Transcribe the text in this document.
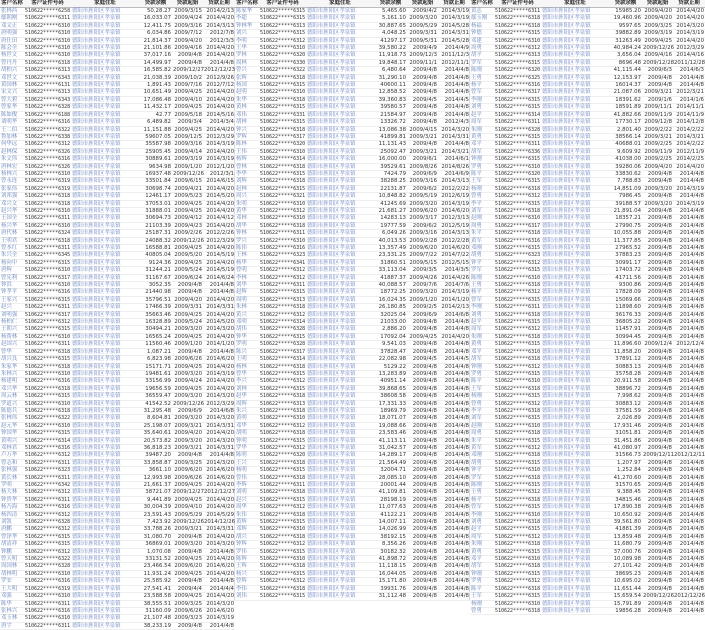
客户名称	客户证件号码	家庭住址	贷款余额	贷款起始	贷款止期
张林西	510622*****6258	德阳市旌阳区孝泉镇	50,28.27	2009/3/15	2014/2/13
鄢朝刚	510622*****6311	德阳市旌阳区孝泉镇	16,033.07	2009/4/24	2014/4/20
邓文正	510622*****6310	德阳市旌阳区孝泉镇	12,411.75	2009/3/16	2014/3/13
唐明强	510622*****6310	德阳市旌阳区孝泉镇	6,034.86	2009/7/12	2012/7/8
唐仕田	510622*****6310	德阳市旌阳区孝泉镇	21,814.37	2009/4/20	2012/3/3
陈会全	510622*****6310	德阳市旌阳区孝泉镇	21,101.86	2009/4/16	2014/4/20
杨世文	510622*****6310	德阳市旌阳区孝泉镇	37,017.16	2009/4/8	2014/4/20
曾丹丹	510622*****6318	德阳市旌阳区孝泉镇	14,499.97	2009/4/8	2014/4/8
胡柏兴	510622*****6313	德阳市旌阳区孝泉镇	16,585.82	2009/12/27	2012/12/23
邓世文	510622*****6343	德阳市旌阳区孝泉镇	21,038.39	2009/10/2	2012/9/26
黄国林	510622*****6131	德阳市旌阳区孝泉镇	1,891.43	2009/7/16	2012/7/12
宋文兴	510622*****6313	德阳市旌阳区孝泉镇	10,651.49	2009/4/25	2014/4/20
曾大碧	510622*****6343	德阳市旌阳区孝泉镇	17,086.48	2009/4/10	2014/4/20
曾家华	510622*****6328	德阳市旌阳区孝泉镇	11,432.17	2009/4/25	2014/4/20
陈如俊	510622*****6188	德阳市旌阳区孝泉镇	42.77	2009/5/18	2014/5/16
刘明华	510622*****6316	德阳市旌阳区孝泉镇	6,489.82	2009/3/4	2014/3/4
王二伯	510622*****6322	德阳市旌阳区孝泉镇	11,151.88	2009/4/25	2014/4/20
鲁加林	510622*****6338	德阳市旌阳区孝泉镇	59607.05	2009/12/5	2012/3/29
何华远	510622*****6312	德阳市旌阳区孝泉镇	35587.98	2009/3/16	2014/3/19
赵林保	510622*****6326	德阳市旌阳区孝泉镇	25905.45	2009/4/14	2014/4/20
朱文伟	510622*****6316	德阳市旌阳区孝泉镇	30889.61	2009/3/19	2014/3/19
唐林宏	510622*****6326	德阳市旌阳区孝泉镇	9634.98	2009/1/20	2012/1/20
杨林兴	510622*****6310	德阳市旌阳区孝泉镇	16937.48	2009/12/26	2012/3/1
曾永连	510622*****6319	德阳市旌阳区孝泉镇	33501.84	2009/6/15	2014/6/15
张家伟	510622*****6319	德阳市旌阳区孝泉镇	30698.74	2009/4/21	2014/4/20
刘邦强	510622*****6318	德阳市旌阳区孝泉镇	12461.17	2009/5/23	2014/5/20
邓兴文	510622*****6318	德阳市旌阳区孝泉镇	37053.01	2009/4/25	2014/4/20
赵兴华	510622*****6310	德阳市旌阳区孝泉镇	31888.01	2009/4/25	2014/4/20
王国全	510622*****6311	德阳市旌阳区孝泉镇	30694.73	2009/4/12	2014/4/12
杨兴华	510622*****6310	德阳市旌阳区孝泉镇	21103.39	2009/4/23	2014/4/20
唐代林	510622*****6324	德阳市旌阳区孝泉镇	25187.31	2009/2/26	2012/2/26
王明君	510622*****6318	德阳市旌阳区孝泉镇	24088.32	2009/12/26	2012/3/29
曾本红	510622*****6311	德阳市旌阳区孝泉镇	16588.81	2009/4/25	2014/4/20
朱兴全	510622*****6345	德阳市旌阳区孝泉镇	40805.04	2009/5/20	2014/5/19
杨向中	510622*****6315	德阳市旌阳区孝泉镇	9124.36	2009/4/25	2014/4/20
唐辉	510622*****6310	德阳市旌阳区孝泉镇	31244.21	2009/5/24	2014/5/19
曾宪利	510622*****6317	德阳市旌阳区孝泉镇	31167.67	2009/6/24	2014/6/24
钟洪	510622*****6310	德阳市旌阳区孝泉镇	3052.35	2009/4/8	2014/4/8
钟孝平	510622*****6316	德阳市旌阳区孝泉镇	21440.98	2009/4/8	2014/4/8
王家兴	510622*****6315	德阳市旌阳区孝泉镇	35796.51	2009/4/20	2014/4/20
赵兴	510622*****6311	德阳市旌阳区孝泉镇	17466.39	2009/3/31	2014/3/31
刘明强	510622*****6317	德阳市旌阳区孝泉镇	35663.46	2009/4/25	2014/4/20
杨柏仁	510622*****6312	德阳市旌阳区孝泉镇	16328.89	2009/5/24	2014/5/20
王朝兴	510622*****6315	德阳市旌阳区孝泉镇	30494.21	2009/3/20	2014/3/20
杨帮林	510622*****6310	德阳市旌阳区孝泉镇	16565.24	2009/4/25	2014/4/20
赵国兴	510622*****6311	德阳市旌阳区孝泉镇	11560.46	2009/1/20	2014/1/20
曾华	510622*****6318	德阳市旌阳区孝泉镇	1,087.21	2009/4/8	2014/4/8
胡兴良	510622*****6315	德阳市旌阳区孝泉镇	6,823.98	2009/6/26	2014/6/20
朱家华	510622*****6318	德阳市旌阳区孝泉镇	15171.71	2009/4/25	2014/4/20
朱林兴	510622*****6310	德阳市旌阳区孝泉镇	19481.61	2009/3/20	2014/3/19
杨建明	510622*****6316	德阳市旌阳区孝泉镇	33156.99	2009/4/24	2014/4/20
邓兴华	510622*****6318	德阳市旌阳区孝泉镇	19656.59	2009/4/25	2014/4/20
周云林	510622*****6315	德阳市旌阳区孝泉镇	36559.47	2009/3/20	2014/3/20
罗道兴	510622*****6310	德阳市旌阳区孝泉镇	41542.52	2009/12/26	2012/3/29
陈德兵	510622*****6318	德阳市旌阳区孝泉镇	31,295.48	2009/6/9	2014/6/8
张林伟	510622*****6322	德阳市旌阳区孝泉镇	8,604.81	2009/3/20	2014/3/20
赵元华	510622*****6310	德阳市旌阳区孝泉镇	25,198.07	2009/3/21	2014/3/31
钟国华	510622*****6315	德阳市旌阳区孝泉镇	35,640.61	2009/4/20	2014/4/20
黄明兴	510622*****6314	德阳市旌阳区孝泉镇	20,573.82	2009/3/20	2014/3/20
邓林君	510622*****6316	德阳市旌阳区孝泉镇	36,818.23	2009/3/21	2014/3/31
卢万华	510622*****6312	德阳市旌阳区孝泉镇	39487.20	2009/4/8	2014/4/8
曾志和	510622*****6311	德阳市旌阳区孝泉镇	33,858.87	2009/3/25	2014/3/20
张林强	510622*****6323	德阳市旌阳区孝泉镇	3661.10	2009/6/20	2014/6/20
黄长林	510622*****6311	德阳市旌阳区孝泉镇	12,993.98	2009/6/26	2014/6/20
罗明	510622*****6342	德阳市旌阳区孝泉镇	21,661.37	2009/4/25	2014/4/20
杨大林	510622*****6312	德阳市旌阳区孝泉镇	38721.07	2009/12/27	2012/12/27
钟贵华	510622*****6311	德阳市旌阳区孝泉镇	9,441.89	2009/4/25	2014/4/20
杨乃海	510622*****6316	德阳市旌阳区孝泉镇	30,004.39	2009/4/10	2014/4/20
杨四清	510622*****6312	德阳市旌阳区孝泉镇	23,591.43	2009/5/29	2014/5/29
刘凯	510622*****6328	德阳市旌阳区孝泉镇	7,423.92	2009/12/26	2014/12/26
唐鹏	510622*****6312	德阳市旌阳区孝泉镇	33,788.26	2009/3/21	2014/3/31
曾泽华	510622*****6315	德阳市旌阳区孝泉镇	31,080.70	2009/4/8	2014/4/20
胡清祥	510622*****6315	德阳市旌阳区孝泉镇	36869.01	2009/3/20	2014/3/20
钟鹏	510622*****6312	德阳市旌阳区孝泉镇	1,070.08	2009/4/8	2014/4/8
曾天明	510622*****6322	德阳市旌阳区孝泉镇	33131.52	2009/4/25	2014/4/20
周国林	510622*****6328	德阳市旌阳区孝泉镇	23,466.54	2009/6/20	2014/6/20
胡林明	510622*****6310	德阳市旌阳区孝泉镇	11,931.24	2009/4/25	2014/4/20
罗安	510622*****6316	德阳市旌阳区孝泉镇	25,585.92	2009/4/8	2014/4/8
王大明	510622*****6319	德阳市旌阳区孝泉镇	27,541.41	2009/4/4	2014/4/4
邓强	510622*****6310	德阳市旌阳区孝泉镇	23,588.58	2009/4/25	2014/4/20
陈华	510622*****6311	德阳市旌阳区孝泉镇	38,555.51	2009/3/25	2014/3/20
张林兴	510622*****6316	德阳市旌阳区孝泉镇	31160.09	2009/6/26	2014/6/20
邓玉林	510622*****6310	德阳市旌阳区孝泉镇	21,107.48	2009/3/23	2014/3/19
唐宇	510622*****6311	德阳市旌阳区孝泉镇	38,233.19	2009/4/8	2014/4/8
客户名称	客户证件号码	家庭住址	贷款余额	贷款起始	贷款止期
陈家华	510622*****6315	德阳市旌阳区孝泉镇	5,465.60	2009/4/2	2014/3/19
李超	510622*****6315	德阳市旌阳区孝泉镇	5,161.10	2009/3/20	2014/3/19
钟林华	510622*****6313	德阳市旌阳区孝泉镇	30,887.65	2009/5/29	2014/5/28
刘兴	510622*****6315	德阳市旌阳区孝泉镇	4,048.25	2009/3/31	2014/3/31
李明	510622*****6312	德阳市旌阳区孝泉镇	41297.17	2009/5/31	2014/5/28
王华	510622*****6310	德阳市旌阳区孝泉镇	39,580.22	2009/4/9	2014/4/9
罗林	510622*****6320	德阳市旌阳区孝泉镇	11,918.73	2009/12/3	2011/12/3
周林	510622*****6330	德阳市旌阳区孝泉镇	19,848.17	2009/11/1	2012/11/1
曾兴	510622*****6322	德阳市旌阳区孝泉镇	6,480.64	2009/4/8	2014/4/8
张辉	510622*****6318	德阳市旌阳区孝泉镇	31,290.10	2009/4/8	2014/4/8
杨国	510622*****6315	德阳市旌阳区孝泉镇	40600.11	2009/4/8	2014/4/8
赵明	510622*****6310	德阳市旌阳区孝泉镇	12,858.52	2009/4/8	2014/4/8
朱华	510622*****6318	德阳市旌阳区孝泉镇	39,360.83	2009/4/5	2014/4/5
黄林	510622*****6315	德阳市旌阳区孝泉镇	39580.57	2009/4/8	2014/4/8
邓伟	510622*****6331	德阳市旌阳区孝泉镇	21584.97	2009/4/8	2014/4/8
胡林	510622*****6315	德阳市旌阳区孝泉镇	13326.72	2009/4/8	2012/4/3
钟兴	510622*****6318	德阳市旌阳区孝泉镇	13,086.38	2009/4/15	2014/3/20
罗辉	510622*****6317	德阳市旌阳区孝泉镇	41899.81	2009/3/21	2014/3/31
陈林	510622*****6320	德阳市旌阳区孝泉镇	11,131.43	2009/4/8	2014/4/8
王伟	510622*****6310	德阳市旌阳区孝泉镇	25092.47	2009/3/21	2014/3/21
杨辉	510622*****6314	德阳市旌阳区孝泉镇	16,000.00	2009/6/1	2014/6/1
曾林	510622*****6318	德阳市旌阳区孝泉镇	39529.61	2009/8/26	2014/8/26
李华	510622*****6315	德阳市旌阳区孝泉镇	7424.79	2009/6/9	2014/6/9
刘辉	510622*****6318	德阳市旌阳区孝泉镇	38288.25	2009/3/16	2014/3/13
赵林	510622*****6315	德阳市旌阳区孝泉镇	22131.87	2009/6/2	2012/2/22
周兴	510622*****6321	德阳市旌阳区孝泉镇	10,848.82	2009/5/19	2012/6/19
朱明	510622*****6310	德阳市旌阳区孝泉镇	41245.69	2009/3/20	2014/3/19
黄华	510622*****6312	德阳市旌阳区孝泉镇	21,681.27	2009/6/20	2014/6/20
邓林	510622*****6310	德阳市旌阳区孝泉镇	14283.13	2009/3/17	2012/3/13
胡华	510622*****6318	德阳市旌阳区孝泉镇	19777.59	2009/6/2	2012/5/19
钟林	510622*****6311	德阳市旌阳区孝泉镇	6,049.26	2009/3/16	2014/3/13
罗兴	510622*****6310	德阳市旌阳区孝泉镇	40,013.53	2009/2/28	2012/2/28
陈伟	510622*****6316	德阳市旌阳区孝泉镇	13,357.49	2009/6/20	2014/6/20
王林	510622*****6323	德阳市旌阳区孝泉镇	23,331.25	2009/7/22	2014/7/22
杨华	510622*****6341	德阳市旌阳区孝泉镇	31860.51	2009/5/15	2012/5/15
曾明	510622*****6312	德阳市旌阳区孝泉镇	33,113.04	2009/3/5	2014/3/5
李林	510622*****6312	德阳市旌阳区孝泉镇	41887.37	2009/4/26	2014/4/26
刘华	510622*****6311	德阳市旌阳区孝泉镇	40,088.57	2009/7/6	2014/7/6
赵辉	510622*****6315	德阳市旌阳区孝泉镇	18772.25	2009/3/20	2014/3/19
周明	510622*****6313	德阳市旌阳区孝泉镇	16,024.35	2009/1/20	2014/1/20
朱林	510622*****6318	德阳市旌阳区孝泉镇	26,180.85	2009/2/5	2014/2/13
黄兴	510622*****6312	德阳市旌阳区孝泉镇	32025.04	2009/6/9	2014/6/8
邓明	510622*****6314	德阳市旌阳区孝泉镇	21033.00	2009/4/8	2014/4/8
胡伟	510622*****6328	德阳市旌阳区孝泉镇	2,886.20	2009/4/8	2014/4/8
钟华	510622*****6315	德阳市旌阳区孝泉镇	17092.04	2009/4/25	2014/4/20
罗明	510622*****6328	德阳市旌阳区孝泉镇	9,541.03	2009/4/8	2014/4/8
陈兴	510622*****6317	德阳市旌阳区孝泉镇	37828.47	2009/4/8	2014/4/8
王明	510622*****6314	德阳市旌阳区孝泉镇	22,082.98	2009/4/5	2014/4/5
杨林	510622*****6318	德阳市旌阳区孝泉镇	5129.22	2009/4/8	2014/4/8
曾华	510622*****6315	德阳市旌阳区孝泉镇	13,283.89	2009/4/8	2014/4/8
李兴	510622*****6312	德阳市旌阳区孝泉镇	40951.14	2009/4/8	2014/4/8
刘林	510622*****6315	德阳市旌阳区孝泉镇	39,868.65	2009/4/8	2014/4/8
赵华	510622*****6318	德阳市旌阳区孝泉镇	38608.58	2009/4/8	2014/4/8
周辉	510622*****6313	德阳市旌阳区孝泉镇	17,331.33	2009/4/8	2014/4/8
朱兴	510622*****6318	德阳市旌阳区孝泉镇	18969.79	2009/4/8	2014/4/8
黄明	510622*****6310	德阳市旌阳区孝泉镇	18,071.07	2009/4/8	2014/4/8
邓华	510622*****6312	德阳市旌阳区孝泉镇	19,088.66	2009/4/8	2014/4/8
胡明	510622*****6318	德阳市旌阳区孝泉镇	23,583.46	2009/4/8	2014/4/8
钟明	510622*****6315	德阳市旌阳区孝泉镇	41,113.11	2009/4/8	2014/4/8
罗华	510622*****6312	德阳市旌阳区孝泉镇	31,042.57	2009/4/8	2014/4/8
陈明	510622*****6320	德阳市旌阳区孝泉镇	14,289.17	2009/4/8	2014/4/8
王兴	510622*****6318	德阳市旌阳区孝泉镇	21,564.49	2009/4/8	2014/4/8
杨明	510622*****6315	德阳市旌阳区孝泉镇	32004.71	2009/4/8	2014/4/8
曾伟	510622*****6318	德阳市旌阳区孝泉镇	28,085.10	2009/4/8	2014/4/8
李辉	510622*****6311	德阳市旌阳区孝泉镇	20001.44	2009/4/8	2014/4/8
刘明	510622*****6318	德阳市旌阳区孝泉镇	41,109.81	2009/4/8	2014/4/8
赵兴	510622*****6315	德阳市旌阳区孝泉镇	28198.19	2009/4/8	2014/4/8
周华	510622*****6312	德阳市旌阳区孝泉镇	11,077.63	2009/4/8	2014/4/8
朱伟	510622*****6318	德阳市旌阳区孝泉镇	41122.21	2009/4/8	2014/4/8
黄辉	510622*****6315	德阳市旌阳区孝泉镇	14,007.11	2009/4/8	2014/4/8
邓辉	510622*****6310	德阳市旌阳区孝泉镇	14,026.99	2009/4/8	2014/4/8
胡兴	510622*****6318	德阳市旌阳区孝泉镇	38192.15	2009/4/8	2014/4/8
钟辉	510622*****6312	德阳市旌阳区孝泉镇	8,356.26	2009/4/8	2014/4/8
罗伟	510622*****6315	德阳市旌阳区孝泉镇	30182.32	2009/4/8	2014/4/8
陈辉	510622*****6310	德阳市旌阳区孝泉镇	41,898.72	2009/4/8	2014/4/8
王辉	510622*****6318	德阳市旌阳区孝泉镇	11,118.15	2009/4/8	2014/4/8
杨兴	510622*****6315	德阳市旌阳区孝泉镇	16,044.05	2009/4/8	2014/4/8
曾辉	510622*****6312	德阳市旌阳区孝泉镇	15,171.80	2009/4/8	2014/4/8
李伟	510622*****6318	德阳市旌阳区孝泉镇	39931.76	2009/4/8	2014/4/8
刘伟	510622*****6315	德阳市旌阳区孝泉镇	31,112.48	2009/4/8	2014/4/8
客户名称	客户证件号码	家庭住址	贷款余额	贷款起始	贷款止期
黄志	510622*****6311	德阳市旌阳区孝泉镇	15985.20	2009/4/20	2014/4/20
鄢玉刚	510622*****6318	德阳市旌阳区孝泉镇	19,460.96	2009/4/20	2014/4/20
杨福	510622*****6318	德阳市旌阳区孝泉镇	9597.65	2009/3/25	2014/3/20
钟德	510622*****6315	德阳市旌阳区孝泉镇	39882.89	2009/3/19	2014/3/19
邓建	510622*****6310	德阳市旌阳区孝泉镇	31263.49	2009/4/25	2014/4/20
周勇	510622*****6312	德阳市旌阳区孝泉镇	40,984.24	2009/12/26	2012/3/29
胡平	510622*****6313	德阳市旌阳区孝泉镇	3,656.04	2009/4/16	2014/4/16
罗军	510622*****6315	德阳市旌阳区孝泉镇	8696.48	2009/12/28	2011/12/28
陈刚	510622*****6320	德阳市旌阳区孝泉镇	41,115.44	2009/6/3	2014/6/3
王勇	510622*****6325	德阳市旌阳区孝泉镇	12,153.97	2009/4/8	2014/4/8
杨平	510622*****6316	德阳市旌阳区孝泉镇	16014.37	2009/4/8	2014/4/8
曾军	510622*****6317	德阳市旌阳区孝泉镇	21,087.06	2009/3/21	2012/3/21
李刚	510622*****6315	德阳市旌阳区孝泉镇	18391.62	2009/1/6	2014/1/6
刘勇	510622*****6315	德阳市旌阳区孝泉镇	18591.89	2009/11/1	2014/11/1
赵平	510622*****6314	德阳市旌阳区孝泉镇	41,882.66	2009/11/9	2014/11/9
周军	510622*****6311	德阳市旌阳区孝泉镇	17730.17	2009/12/8	2014/12/8
朱刚	510622*****6328	德阳市旌阳区孝泉镇	2,801.40	2009/2/22	2014/2/22
黄勇	510622*****6315	德阳市旌阳区孝泉镇	38566.14	2009/3/21	2014/3/21
邓平	510622*****6311	德阳市旌阳区孝泉镇	40688.01	2009/2/25	2014/2/22
胡军	510622*****6336	德阳市旌阳区孝泉镇	9,609.92	2009/11/9	2012/11/9
钟刚	510622*****6315	德阳市旌阳区孝泉镇	41038.00	2009/2/25	2014/2/25
罗勇	510622*****6310	德阳市旌阳区孝泉镇	39280.06	2009/4/20	2014/4/20
陈平	510622*****6320	德阳市旌阳区孝泉镇	33830.62	2009/4/8	2014/4/8
王军	510622*****6315	德阳市旌阳区孝泉镇	7,788.83	2009/4/8	2014/4/8
杨刚	510622*****6318	德阳市旌阳区孝泉镇	14,851.09	2009/3/20	2014/3/19
曾勇	510622*****6312	德阳市旌阳区孝泉镇	7986.45	2009/4/8	2014/4/8
李平	510622*****6315	德阳市旌阳区孝泉镇	39188.57	2009/3/20	2014/3/19
刘军	510622*****6318	德阳市旌阳区孝泉镇	21,891.04	2009/4/8	2014/4/8
赵刚	510622*****6310	德阳市旌阳区孝泉镇	18357.21	2009/4/8	2014/4/8
周勇	510622*****6317	德阳市旌阳区孝泉镇	27990.75	2009/4/8	2014/4/8
朱平	510622*****6318	德阳市旌阳区孝泉镇	10,055.88	2009/4/8	2014/4/8
黄军	510622*****6316	德阳市旌阳区孝泉镇	11,377.85	2009/4/8	2014/4/8
邓刚	510622*****6315	德阳市旌阳区孝泉镇	27965.52	2009/4/8	2014/4/8
胡勇	510622*****6323	德阳市旌阳区孝泉镇	37883.23	2009/4/8	2014/4/8
钟平	510622*****6312	德阳市旌阳区孝泉镇	30991.17	2009/4/8	2014/4/8
罗军	510622*****6315	德阳市旌阳区孝泉镇	17403.72	2009/4/8	2014/4/8
陈刚	510622*****6310	德阳市旌阳区孝泉镇	41711.56	2009/4/8	2014/4/8
王勇	510622*****6318	德阳市旌阳区孝泉镇	9300.86	2009/4/8	2014/4/8
杨平	510622*****6312	德阳市旌阳区孝泉镇	17828.09	2009/4/8	2014/4/8
曾军	510622*****6315	德阳市旌阳区孝泉镇	15069.66	2009/4/8	2014/4/8
李刚	510622*****6311	德阳市旌阳区孝泉镇	11898.60	2009/4/8	2014/4/8
刘勇	510622*****6318	德阳市旌阳区孝泉镇	36176.33	2009/4/8	2014/4/8
赵平	510622*****6315	德阳市旌阳区孝泉镇	36805.22	2009/4/8	2014/4/8
周军	510622*****6312	德阳市旌阳区孝泉镇	11457.91	2009/4/8	2014/4/8
朱刚	510622*****6318	德阳市旌阳区孝泉镇	30994.45	2009/4/8	2014/4/8
黄勇	510622*****6315	德阳市旌阳区孝泉镇	11,896.60	2009/12/4	2012/12/4
邓平	510622*****6310	德阳市旌阳区孝泉镇	11,858.20	2009/4/8	2014/4/8
胡军	510622*****6318	德阳市旌阳区孝泉镇	37891.12	2009/4/8	2014/4/8
钟刚	510622*****6312	德阳市旌阳区孝泉镇	30883.13	2009/4/8	2014/4/8
罗勇	510622*****6315	德阳市旌阳区孝泉镇	35758.28	2009/4/8	2014/4/8
陈平	510622*****6310	德阳市旌阳区孝泉镇	20,911.58	2009/4/8	2014/4/8
王军	510622*****6318	德阳市旌阳区孝泉镇	38896.72	2009/4/8	2014/4/8
杨刚	510622*****6315	德阳市旌阳区孝泉镇	7,998.62	2009/4/8	2014/4/8
曾勇	510622*****6312	德阳市旌阳区孝泉镇	30883.12	2009/4/8	2014/4/8
李平	510622*****6318	德阳市旌阳区孝泉镇	37581.59	2009/4/8	2014/4/8
刘军	510622*****6315	德阳市旌阳区孝泉镇	2,026.89	2009/4/8	2014/4/8
赵刚	510622*****6310	德阳市旌阳区孝泉镇	17,931.46	2009/4/8	2014/4/8
周勇	510622*****6318	德阳市旌阳区孝泉镇	31051.81	2009/4/8	2014/4/8
朱平	510622*****6315	德阳市旌阳区孝泉镇	31,451.86	2009/4/8	2014/4/8
黄军	510622*****6312	德阳市旌阳区孝泉镇	41,080.97	2009/4/8	2014/4/8
邓刚	510622*****6318	德阳市旌阳区孝泉镇	31566.73	2009/12/11	2012/12/11
胡勇	510622*****6315	德阳市旌阳区孝泉镇	1,207.97	2009/4/8	2014/4/8
钟平	510622*****6310	德阳市旌阳区孝泉镇	1,252.84	2009/4/8	2014/4/8
罗军	510622*****6318	德阳市旌阳区孝泉镇	41,270.60	2009/4/8	2014/4/8
陈刚	510622*****6315	德阳市旌阳区孝泉镇	31570.65	2009/4/8	2014/4/8
王勇	510622*****6312	德阳市旌阳区孝泉镇	9,388.45	2009/4/8	2014/4/8
杨平	510622*****6318	德阳市旌阳区孝泉镇	34815.46	2009/4/8	2014/4/8
曾军	510622*****6315	德阳市旌阳区孝泉镇	17,890.38	2009/4/8	2014/4/8
李刚	510622*****6310	德阳市旌阳区孝泉镇	10,650.92	2009/4/8	2014/4/8
刘勇	510622*****6318	德阳市旌阳区孝泉镇	39,561.80	2009/4/8	2014/4/8
赵平	510622*****6315	德阳市旌阳区孝泉镇	41881.39	2009/4/8	2014/4/8
周军	510622*****6312	德阳市旌阳区孝泉镇	13,859.48	2009/4/8	2014/4/8
朱刚	510622*****6318	德阳市旌阳区孝泉镇	11,680.79	2009/4/8	2014/4/8
黄勇	510622*****6315	德阳市旌阳区孝泉镇	37,000.76	2009/4/8	2014/4/8
邓平	510622*****6310	德阳市旌阳区孝泉镇	10,089.98	2009/4/8	2014/4/8
胡军	510622*****6318	德阳市旌阳区孝泉镇	27,101.42	2009/4/8	2014/4/8
钟刚	510622*****6315	德阳市旌阳区孝泉镇	38695.23	2009/4/8	2014/4/8
罗勇	510622*****6312	德阳市旌阳区孝泉镇	10,695.02	2009/4/8	2014/4/8
陈平	510622*****6318	德阳市旌阳区孝泉镇	11,651.44	2009/4/8	2014/4/8
王军	510622*****6315	德阳市旌阳区孝泉镇	15,659.54	2009/12/26	2012/12/26
杨刚	510622*****6310	德阳市旌阳区孝泉镇	15,791.89	2009/4/8	2014/4/8
曾勇	510622*****6318	德阳市旌阳区孝泉镇	19856.28	2009/4/8	2014/4/8
